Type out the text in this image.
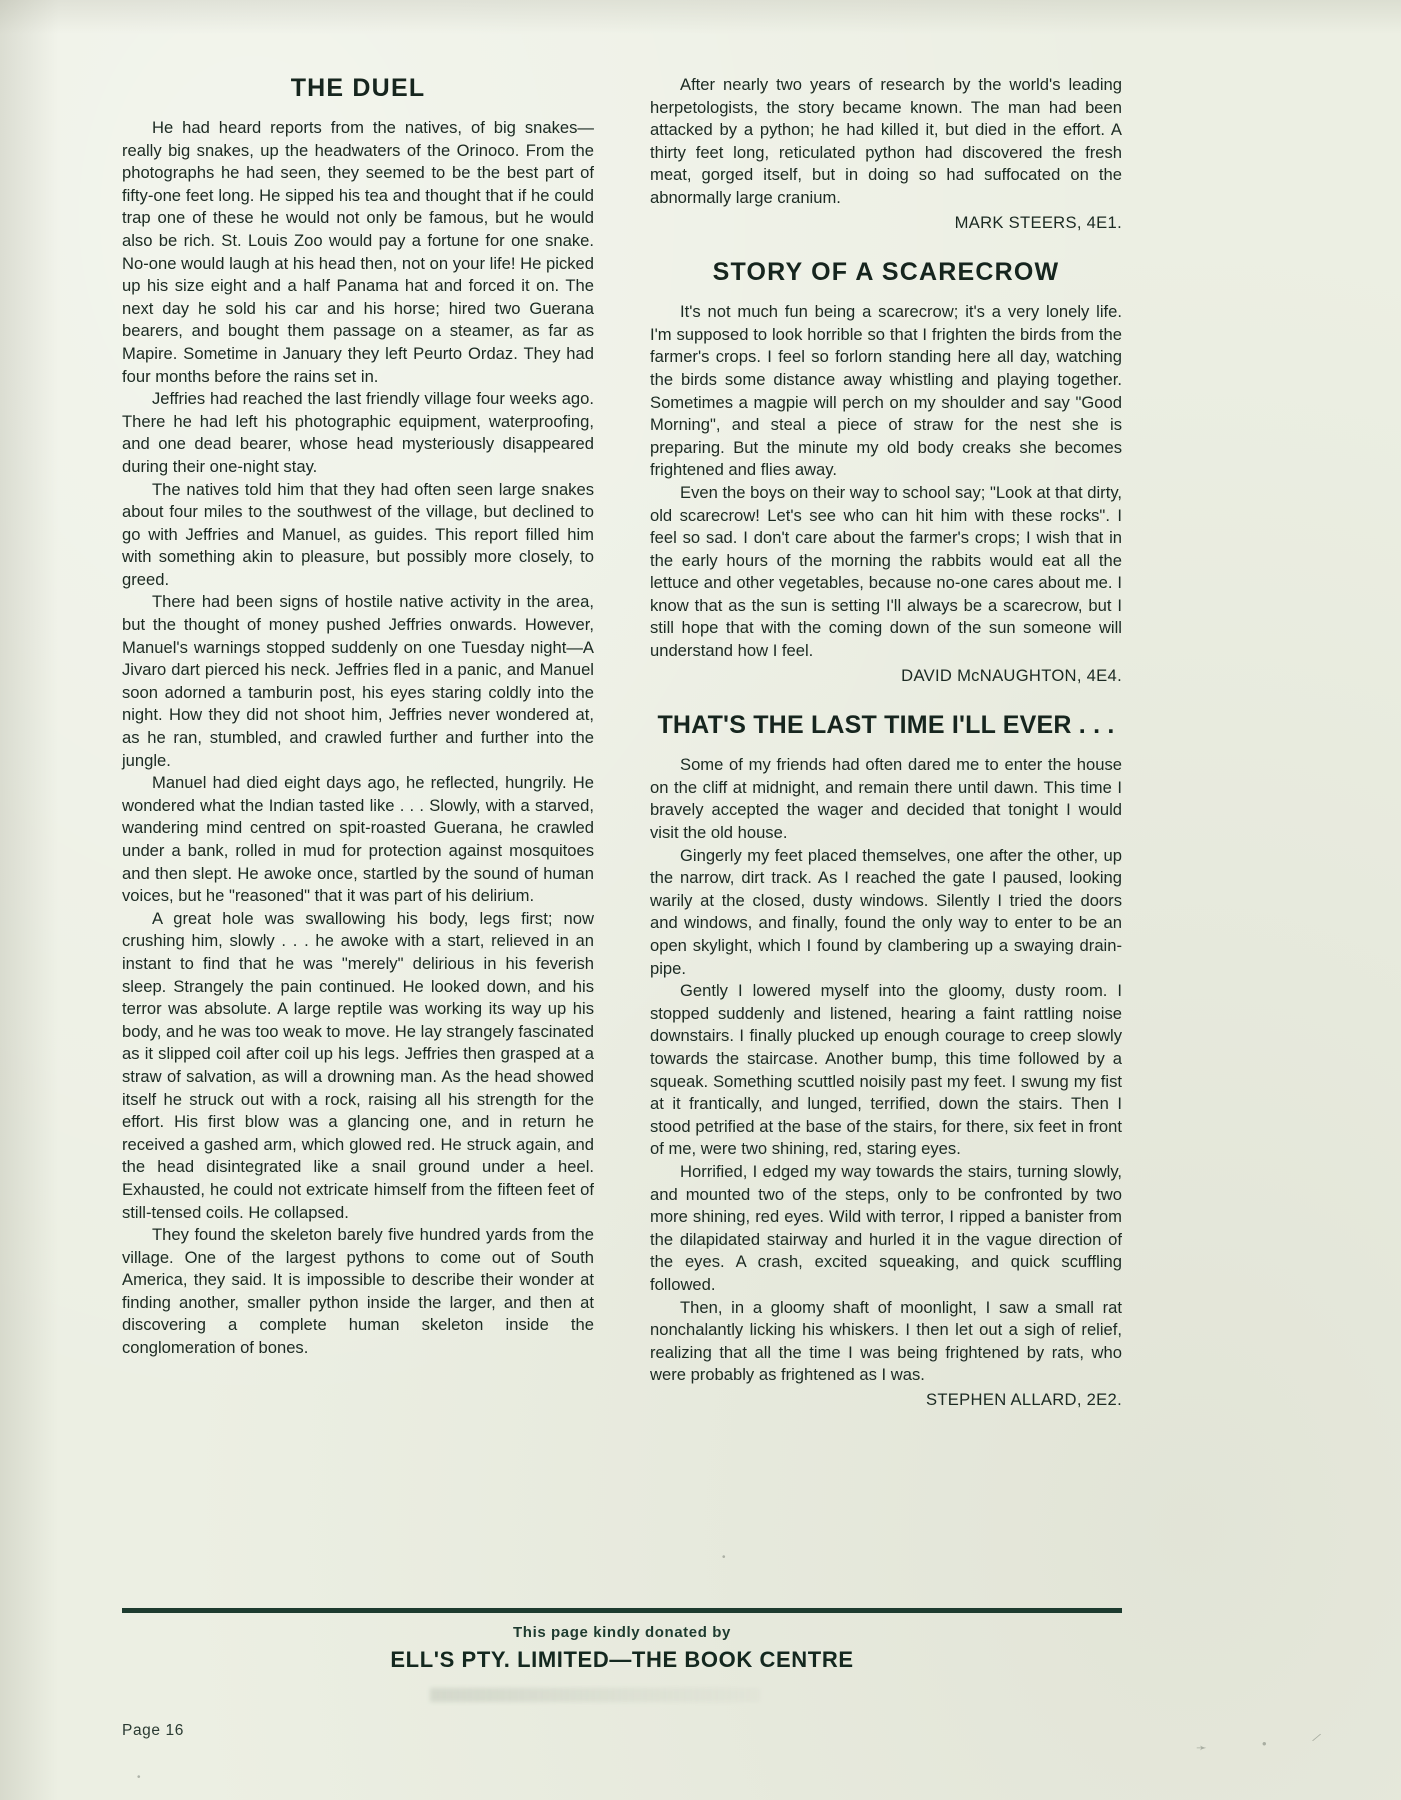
THE DUEL

He had heard reports from the natives, of big snakes—really big snakes, up the headwaters of the Orinoco. From the photographs he had seen, they seemed to be the best part of fifty-one feet long. He sipped his tea and thought that if he could trap one of these he would not only be famous, but he would also be rich. St. Louis Zoo would pay a fortune for one snake. No-one would laugh at his head then, not on your life! He picked up his size eight and a half Panama hat and forced it on. The next day he sold his car and his horse; hired two Guerana bearers, and bought them passage on a steamer, as far as Mapire. Sometime in January they left Peurto Ordaz. They had four months before the rains set in.

Jeffries had reached the last friendly village four weeks ago. There he had left his photographic equipment, waterproofing, and one dead bearer, whose head mysteriously disappeared during their one-night stay.

The natives told him that they had often seen large snakes about four miles to the southwest of the village, but declined to go with Jeffries and Manuel, as guides. This report filled him with something akin to pleasure, but possibly more closely, to greed.

There had been signs of hostile native activity in the area, but the thought of money pushed Jeffries onwards. However, Manuel's warnings stopped suddenly on one Tuesday night—A Jivaro dart pierced his neck. Jeffries fled in a panic, and Manuel soon adorned a tamburin post, his eyes staring coldly into the night. How they did not shoot him, Jeffries never wondered at, as he ran, stumbled, and crawled further and further into the jungle.

Manuel had died eight days ago, he reflected, hungrily. He wondered what the Indian tasted like . . . Slowly, with a starved, wandering mind centred on spit-roasted Guerana, he crawled under a bank, rolled in mud for protection against mosquitoes and then slept. He awoke once, startled by the sound of human voices, but he "reasoned" that it was part of his delirium.

A great hole was swallowing his body, legs first; now crushing him, slowly . . . he awoke with a start, relieved in an instant to find that he was "merely" delirious in his feverish sleep. Strangely the pain continued. He looked down, and his terror was absolute. A large reptile was working its way up his body, and he was too weak to move. He lay strangely fascinated as it slipped coil after coil up his legs. Jeffries then grasped at a straw of salvation, as will a drowning man. As the head showed itself he struck out with a rock, raising all his strength for the effort. His first blow was a glancing one, and in return he received a gashed arm, which glowed red. He struck again, and the head disintegrated like a snail ground under a heel. Exhausted, he could not extricate himself from the fifteen feet of still-tensed coils. He collapsed.

They found the skeleton barely five hundred yards from the village. One of the largest pythons to come out of South America, they said. It is impossible to describe their wonder at finding another, smaller python inside the larger, and then at discovering a complete human skeleton inside the conglomeration of bones.

After nearly two years of research by the world's leading herpetologists, the story became known. The man had been attacked by a python; he had killed it, but died in the effort. A thirty feet long, reticulated python had discovered the fresh meat, gorged itself, but in doing so had suffocated on the abnormally large cranium.

MARK STEERS, 4E1.

STORY OF A SCARECROW

It's not much fun being a scarecrow; it's a very lonely life. I'm supposed to look horrible so that I frighten the birds from the farmer's crops. I feel so forlorn standing here all day, watching the birds some distance away whistling and playing together. Sometimes a magpie will perch on my shoulder and say "Good Morning", and steal a piece of straw for the nest she is preparing. But the minute my old body creaks she becomes frightened and flies away.

Even the boys on their way to school say; "Look at that dirty, old scarecrow! Let's see who can hit him with these rocks". I feel so sad. I don't care about the farmer's crops; I wish that in the early hours of the morning the rabbits would eat all the lettuce and other vegetables, because no-one cares about me. I know that as the sun is setting I'll always be a scarecrow, but I still hope that with the coming down of the sun someone will understand how I feel.

DAVID McNAUGHTON, 4E4.

THAT'S THE LAST TIME I'LL EVER . . .

Some of my friends had often dared me to enter the house on the cliff at midnight, and remain there until dawn. This time I bravely accepted the wager and decided that tonight I would visit the old house.

Gingerly my feet placed themselves, one after the other, up the narrow, dirt track. As I reached the gate I paused, looking warily at the closed, dusty windows. Silently I tried the doors and windows, and finally, found the only way to enter to be an open skylight, which I found by clambering up a swaying drain-pipe.

Gently I lowered myself into the gloomy, dusty room. I stopped suddenly and listened, hearing a faint rattling noise downstairs. I finally plucked up enough courage to creep slowly towards the staircase. Another bump, this time followed by a squeak. Something scuttled noisily past my feet. I swung my fist at it frantically, and lunged, terrified, down the stairs. Then I stood petrified at the base of the stairs, for there, six feet in front of me, were two shining, red, staring eyes.

Horrified, I edged my way towards the stairs, turning slowly, and mounted two of the steps, only to be confronted by two more shining, red eyes. Wild with terror, I ripped a banister from the dilapidated stairway and hurled it in the vague direction of the eyes. A crash, excited squeaking, and quick scuffling followed.

Then, in a gloomy shaft of moonlight, I saw a small rat nonchalantly licking his whiskers. I then let out a sigh of relief, realizing that all the time I was being frightened by rats, who were probably as frightened as I was.

STEPHEN ALLARD, 2E2.

This page kindly donated by
ELL'S PTY. LIMITED—THE BOOK CENTRE
Page 16
➛	•	⁄
•
•
